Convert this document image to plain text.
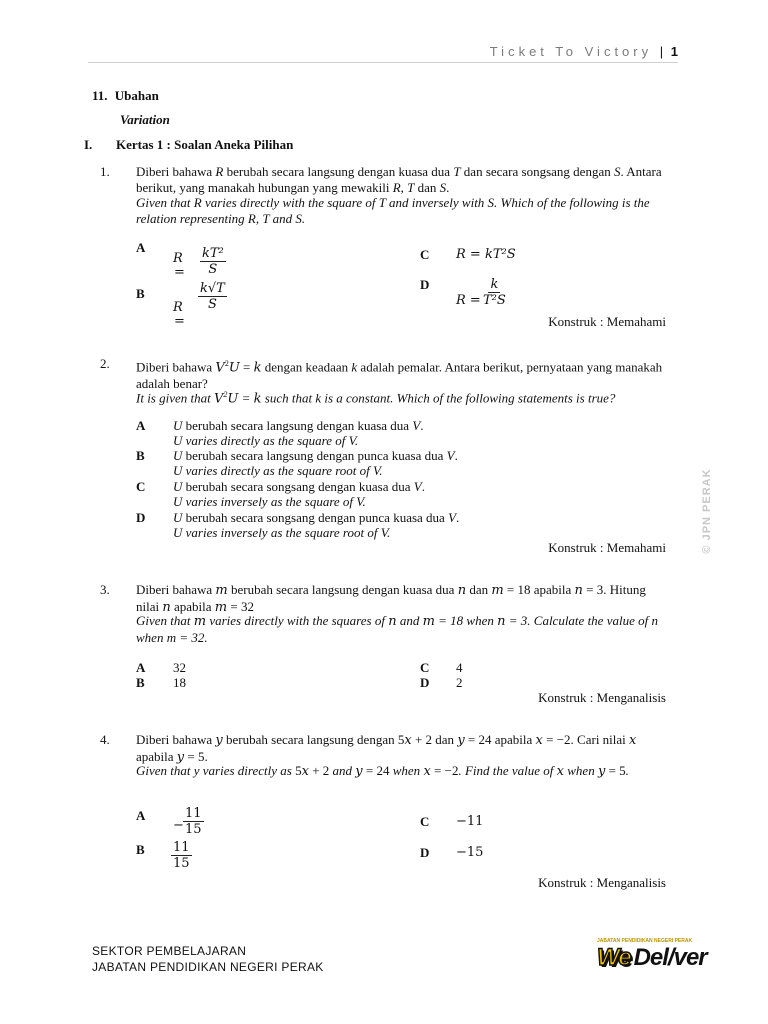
Ticket To Victory | 1
11. Ubahan
Variation
I. Kertas 1 : Soalan Aneka Pilihan
1. Diberi bahawa R berubah secara langsung dengan kuasa dua T dan secara songsang dengan S. Antara berikut, yang manakah hubungan yang mewakili R, T dan S.
Given that R varies directly with the square of T and inversely with S. Which of the following is the relation representing R, T and S.
A
R
= $\frac{\text{kT²}}{S}$
B
R
=
$\frac{k√T}{S}$
C R = kT²S
D
$R = \frac{k}{\text{T²S}}$
Konstruk : Memahami
2. Diberi bahawa $V^2U = k$ dengan keadaan k adalah pemalar. Antara berikut, pernyataan yang manakah adalah benar?
It is given that $V^2U = k$ such that k is a constant. Which of the following statements is true?
A U berubah secara langsung dengan kuasa dua V.
U varies directly as the square of V.
B U berubah secara langsung dengan punca kuasa dua V.
U varies directly as the square root of V.
C U berubah secara songsang dengan kuasa dua V.
U varies inversely as the square of V.
D U berubah secara songsang dengan punca kuasa dua V.
U varies inversely as the square root of V.
Konstruk : Memahami	© JPN PERAK
3. Diberi bahawa m berubah secara langsung dengan kuasa dua n dan m = 18 apabila n = 3. Hitung nilai n apabila m = 32
Given that m varies directly with the squares of n and m = 18 when n = 3. Calculate the value of n when m = 32.
A 32
B 18
C 4
D 2
Konstruk : Menganalisis
4. Diberi bahawa y berubah secara langsung dengan 5x + 2 dan y = 24 apabila x = −2. Cari nilai x apabila y = 5.
Given that y varies directly as 5x + 2 and y = 24 when x = −2. Find the value of x when y = 5.
A
− $\frac{11}{15}$
B $\frac{11}{15}$
C −11
D −15
Konstruk : Menganalisis
SEKTOR PEMBELAJARAN
JABATAN PENDIDIKAN NEGERI PERAK
JABATAN PENDIDIKAN NEGERI PERAK
We Del/ver
